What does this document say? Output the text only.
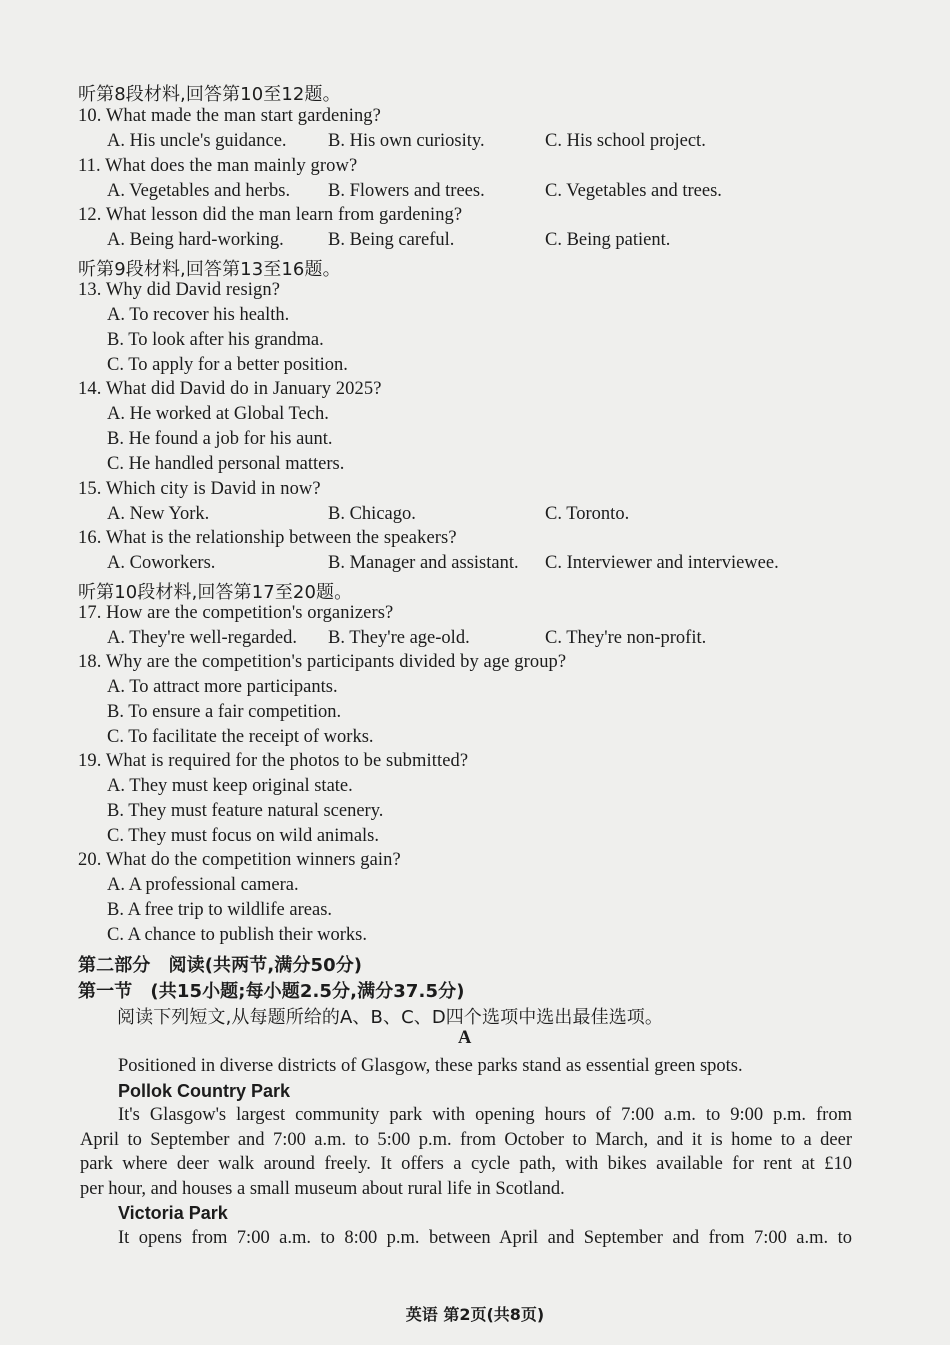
听第8段材料,回答第10至12题。
10. What made the man start gardening?
A. His uncle's guidance. B. His own curiosity.	C. His school project.
11. What does the man mainly grow?
A. Vegetables and herbs. B. Flowers and trees.	C. Vegetables and trees.
12. What lesson did the man learn from gardening?
A. Being hard-working. B. Being careful.	C. Being patient.
听第9段材料,回答第13至16题。
13. Why did David resign?
A. To recover his health.
B. To look after his grandma.
C. To apply for a better position.
14. What did David do in January 2025?
A. He worked at Global Tech.
B. He found a job for his aunt.
C. He handled personal matters.
15. Which city is David in now?
A. New York.	B. Chicago.	C. Toronto.
16. What is the relationship between the speakers?
A. Coworkers.	B. Manager and assistant. C. Interviewer and interviewee.
听第10段材料,回答第17至20题。
17. How are the competition's organizers?
A. They're well-regarded. B. They're age-old.	C. They're non-profit.
18. Why are the competition's participants divided by age group?
A. To attract more participants.
B. To ensure a fair competition.
C. To facilitate the receipt of works.
19. What is required for the photos to be submitted?
A. They must keep original state.
B. They must feature natural scenery.
C. They must focus on wild animals.
20. What do the competition winners gain?
A. A professional camera.
B. A free trip to wildlife areas.
C. A chance to publish their works.
第二部分　阅读(共两节,满分50分)
第一节　(共15小题;每小题2.5分,满分37.5分)
阅读下列短文,从每题所给的A、B、C、D四个选项中选出最佳选项。
A
Positioned in diverse districts of Glasgow, these parks stand as essential green spots.
Pollok Country Park
It's Glasgow's largest community park with opening hours of 7:00 a.m. to 9:00 p.m. from
April to September and 7:00 a.m. to 5:00 p.m. from October to March, and it is home to a deer
park where deer walk around freely. It offers a cycle path, with bikes available for rent at £10
per hour, and houses a small museum about rural life in Scotland.
Victoria Park
It opens from 7:00 a.m. to 8:00 p.m. between April and September and from 7:00 a.m. to
英语 第2页(共8页)
